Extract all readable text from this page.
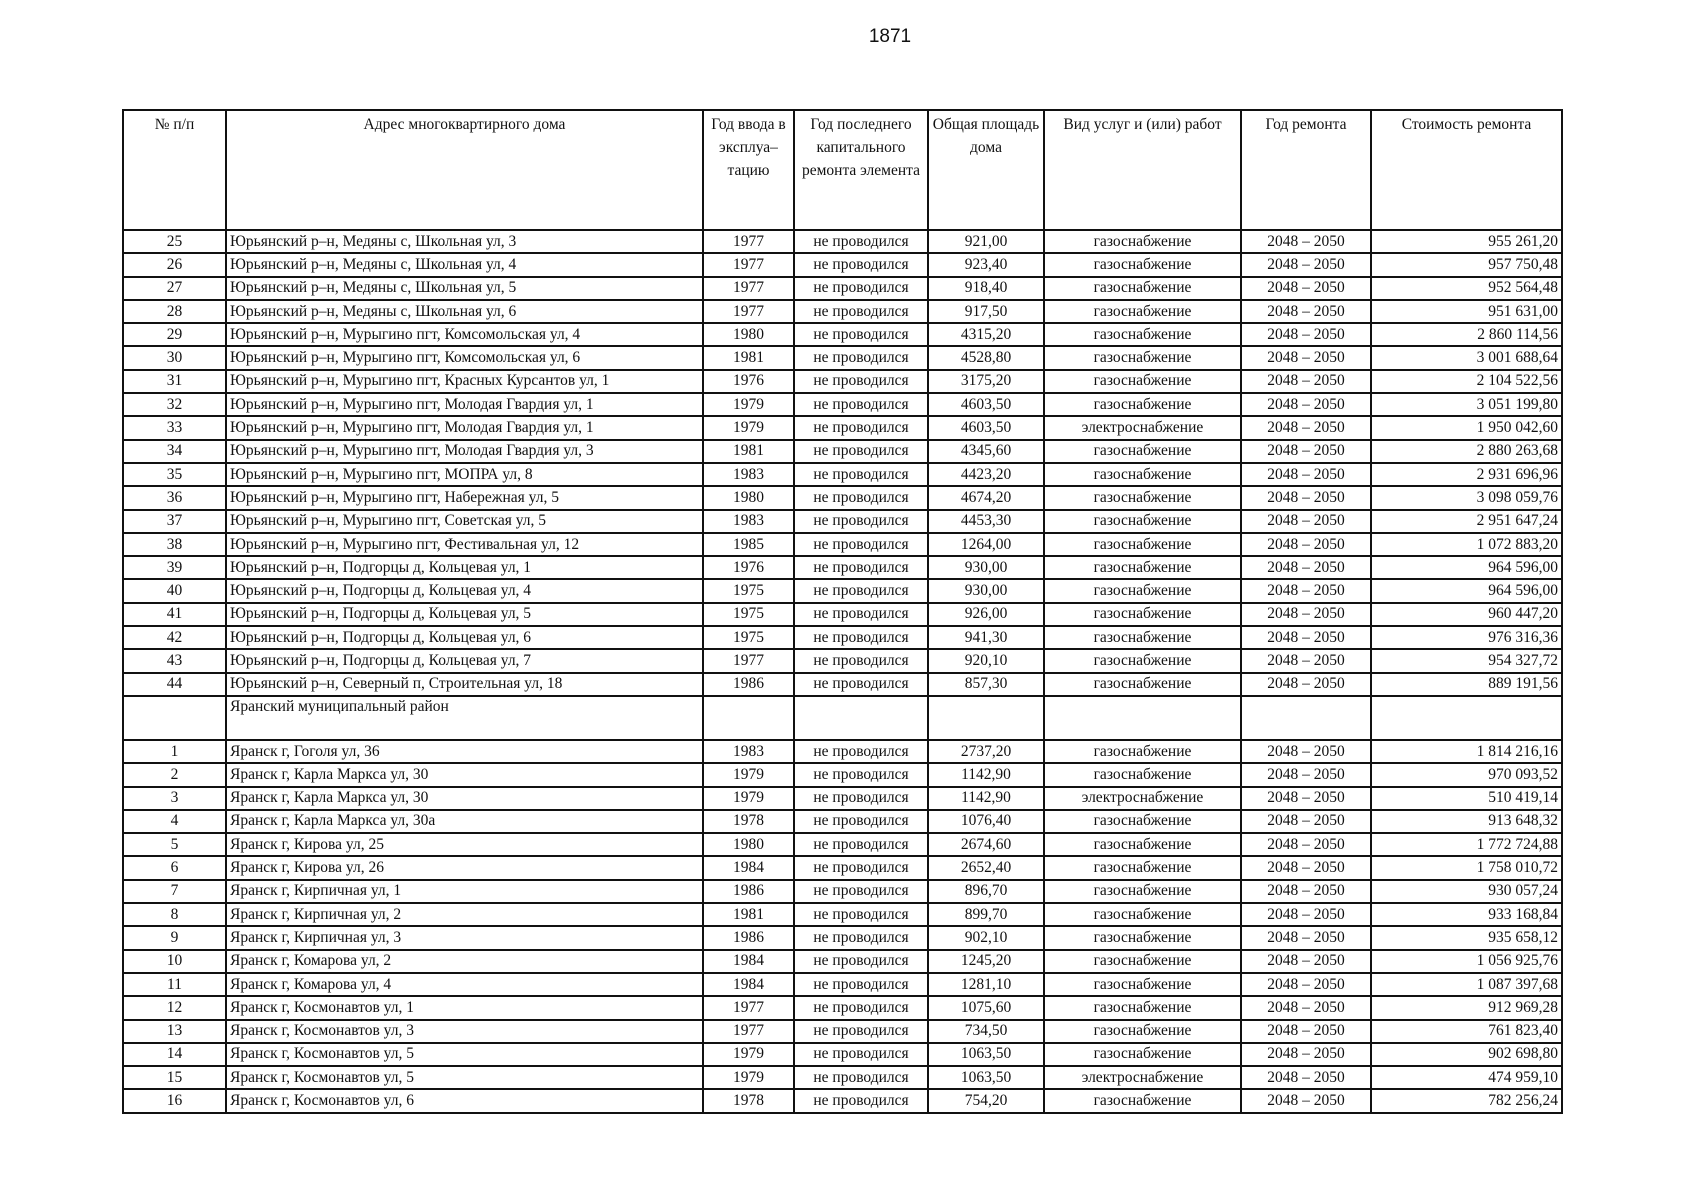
1871
№ п/п	Адрес многоквартирного дома	Год ввода в эксплуа–тацию	Год последнего капитального ремонта элемента	Общая площадь дома	Вид услуг и (или) работ	Год ремонта	Стоимость ремонта
25	Юрьянский р–н, Медяны с, Школьная ул, 3	1977	не проводился	921,00	газоснабжение	2048 – 2050	955 261,20
26	Юрьянский р–н, Медяны с, Школьная ул, 4	1977	не проводился	923,40	газоснабжение	2048 – 2050	957 750,48
27	Юрьянский р–н, Медяны с, Школьная ул, 5	1977	не проводился	918,40	газоснабжение	2048 – 2050	952 564,48
28	Юрьянский р–н, Медяны с, Школьная ул, 6	1977	не проводился	917,50	газоснабжение	2048 – 2050	951 631,00
29	Юрьянский р–н, Мурыгино пгт, Комсомольская ул, 4	1980	не проводился	4315,20	газоснабжение	2048 – 2050	2 860 114,56
30	Юрьянский р–н, Мурыгино пгт, Комсомольская ул, 6	1981	не проводился	4528,80	газоснабжение	2048 – 2050	3 001 688,64
31	Юрьянский р–н, Мурыгино пгт, Красных Курсантов ул, 1	1976	не проводился	3175,20	газоснабжение	2048 – 2050	2 104 522,56
32	Юрьянский р–н, Мурыгино пгт, Молодая Гвардия ул, 1	1979	не проводился	4603,50	газоснабжение	2048 – 2050	3 051 199,80
33	Юрьянский р–н, Мурыгино пгт, Молодая Гвардия ул, 1	1979	не проводился	4603,50	электроснабжение	2048 – 2050	1 950 042,60
34	Юрьянский р–н, Мурыгино пгт, Молодая Гвардия ул, 3	1981	не проводился	4345,60	газоснабжение	2048 – 2050	2 880 263,68
35	Юрьянский р–н, Мурыгино пгт, МОПРА ул, 8	1983	не проводился	4423,20	газоснабжение	2048 – 2050	2 931 696,96
36	Юрьянский р–н, Мурыгино пгт, Набережная ул, 5	1980	не проводился	4674,20	газоснабжение	2048 – 2050	3 098 059,76
37	Юрьянский р–н, Мурыгино пгт, Советская ул, 5	1983	не проводился	4453,30	газоснабжение	2048 – 2050	2 951 647,24
38	Юрьянский р–н, Мурыгино пгт, Фестивальная ул, 12	1985	не проводился	1264,00	газоснабжение	2048 – 2050	1 072 883,20
39	Юрьянский р–н, Подгорцы д, Кольцевая ул, 1	1976	не проводился	930,00	газоснабжение	2048 – 2050	964 596,00
40	Юрьянский р–н, Подгорцы д, Кольцевая ул, 4	1975	не проводился	930,00	газоснабжение	2048 – 2050	964 596,00
41	Юрьянский р–н, Подгорцы д, Кольцевая ул, 5	1975	не проводился	926,00	газоснабжение	2048 – 2050	960 447,20
42	Юрьянский р–н, Подгорцы д, Кольцевая ул, 6	1975	не проводился	941,30	газоснабжение	2048 – 2050	976 316,36
43	Юрьянский р–н, Подгорцы д, Кольцевая ул, 7	1977	не проводился	920,10	газоснабжение	2048 – 2050	954 327,72
44	Юрьянский р–н, Северный п, Строительная ул, 18	1986	не проводился	857,30	газоснабжение	2048 – 2050	889 191,56
	Яранский муниципальный район						
1	Яранск г, Гоголя ул, 36	1983	не проводился	2737,20	газоснабжение	2048 – 2050	1 814 216,16
2	Яранск г, Карла Маркса ул, 30	1979	не проводился	1142,90	газоснабжение	2048 – 2050	970 093,52
3	Яранск г, Карла Маркса ул, 30	1979	не проводился	1142,90	электроснабжение	2048 – 2050	510 419,14
4	Яранск г, Карла Маркса ул, 30а	1978	не проводился	1076,40	газоснабжение	2048 – 2050	913 648,32
5	Яранск г, Кирова ул, 25	1980	не проводился	2674,60	газоснабжение	2048 – 2050	1 772 724,88
6	Яранск г, Кирова ул, 26	1984	не проводился	2652,40	газоснабжение	2048 – 2050	1 758 010,72
7	Яранск г, Кирпичная ул, 1	1986	не проводился	896,70	газоснабжение	2048 – 2050	930 057,24
8	Яранск г, Кирпичная ул, 2	1981	не проводился	899,70	газоснабжение	2048 – 2050	933 168,84
9	Яранск г, Кирпичная ул, 3	1986	не проводился	902,10	газоснабжение	2048 – 2050	935 658,12
10	Яранск г, Комарова ул, 2	1984	не проводился	1245,20	газоснабжение	2048 – 2050	1 056 925,76
11	Яранск г, Комарова ул, 4	1984	не проводился	1281,10	газоснабжение	2048 – 2050	1 087 397,68
12	Яранск г, Космонавтов ул, 1	1977	не проводился	1075,60	газоснабжение	2048 – 2050	912 969,28
13	Яранск г, Космонавтов ул, 3	1977	не проводился	734,50	газоснабжение	2048 – 2050	761 823,40
14	Яранск г, Космонавтов ул, 5	1979	не проводился	1063,50	газоснабжение	2048 – 2050	902 698,80
15	Яранск г, Космонавтов ул, 5	1979	не проводился	1063,50	электроснабжение	2048 – 2050	474 959,10
16	Яранск г, Космонавтов ул, 6	1978	не проводился	754,20	газоснабжение	2048 – 2050	782 256,24
